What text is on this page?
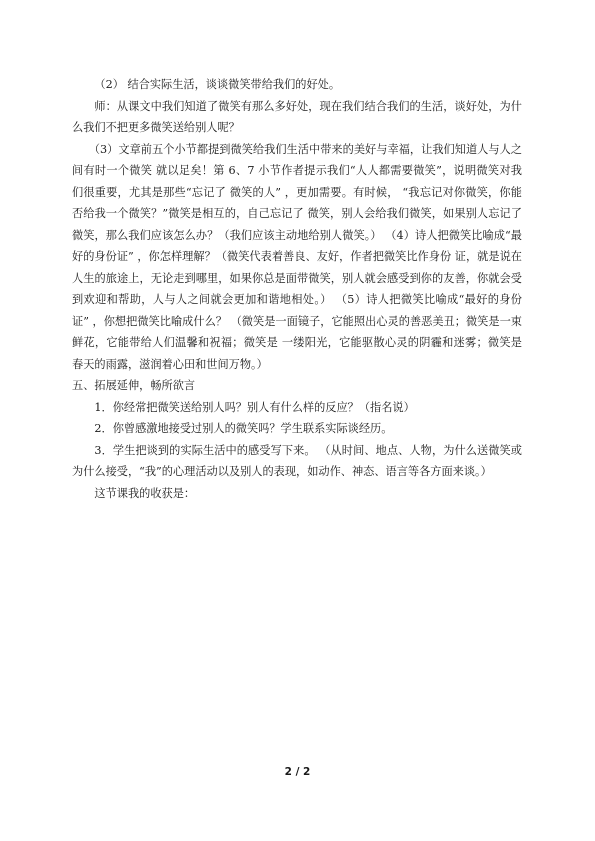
（2） 结合实际生活，谈谈微笑带给我们的好处。

师：从课文中我们知道了微笑有那么多好处，现在我们结合我们的生活，谈好处，为什么我们不把更多微笑送给别人呢？

（3）文章前五个小节都提到微笑给我们生活中带来的美好与幸福，让我们知道人与人之间有时一个微笑 就以足矣！第 6、7 小节作者提示我们“人人都需要微笑”，说明微笑对我们很重要，尤其是那些“忘记了 微笑的人” ，更加需要。有时候， “我忘记对你微笑，你能否给我一个微笑？”微笑是相互的，自己忘记了 微笑，别人会给我们微笑，如果别人忘记了微笑，那么我们应该怎么办？（我们应该主动地给别人微笑。） （4）诗人把微笑比喻成“最好的身份证” ，你怎样理解？（微笑代表着善良、友好，作者把微笑比作身份 证，就是说在人生的旅途上，无论走到哪里，如果你总是面带微笑，别人就会感受到你的友善，你就会受到欢迎和帮助，人与人之间就会更加和谐地相处。） （5）诗人把微笑比喻成“最好的身份证” ，你想把微笑比喻成什么？ （微笑是一面镜子，它能照出心灵的善恶美丑；微笑是一束鲜花，它能带给人们温馨和祝福；微笑是 一缕阳光，它能驱散心灵的阴霾和迷雾；微笑是春天的雨露，滋润着心田和世间万物。）

五、拓展延伸，畅所欲言

1．你经常把微笑送给别人吗？别人有什么样的反应？（指名说）

2．你曾感激地接受过别人的微笑吗？学生联系实际谈经历。

3．学生把谈到的实际生活中的感受写下来。 （从时间、地点、人物，为什么送微笑或为什么接受，“我”的心理活动以及别人的表现，如动作、神态、语言等各方面来谈。）

这节课我的收获是：

2 / 2
